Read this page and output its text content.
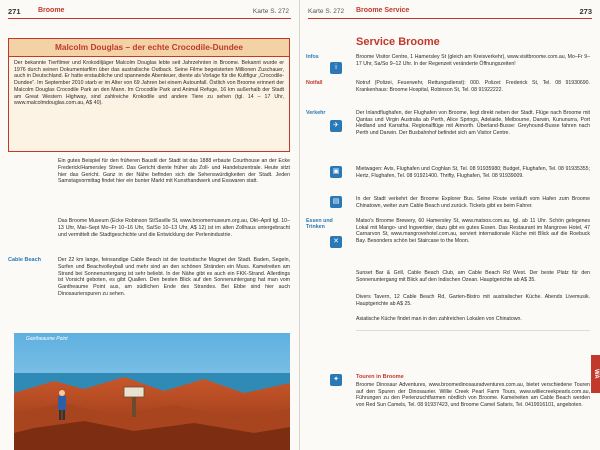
271 Broome	Karte S. 272
Malcolm Douglas – der echte Crocodile-Dundee
Der bekannte Tierfilmer und Krokodiljäger Malcolm Douglas lebte seit Jahrzehnten in Broome. Bekannt wurde er 1976 durch seinen Dokumentarfilm über das australische Outback. Seine Filme begeisterten Millionen Zuschauer, auch in Deutschland. Er hatte erstaubliche und spannende Abenteuer, diente als Vorlage für die Kultfigur „Crocodile-Dundee“. Im September 2010 starb er im Alter von 69 Jahren bei einem Autounfall. Östlich von Broome erinnert der Malcolm Douglas Crocodile Park an den Mann. Im Crocodile Park and Animal Refuge, 16 km außerhalb der Stadt am Great Western Highway, sind zahlreiche Krokodile und andere Tiere zu sehen (tgl. 14 – 17 Uhr, www.malcolmdouglas.com.au, A$ 40).
Ein gutes Beispiel für den früheren Baustil der Stadt ist das 1888 erbaute Courthouse an der Ecke Frederick/Hamersley Street. Das Gericht diente früher als Zoll- und Handelszentrale. Heute sitzt hier das Gericht. Ganz in der Nähe befinden sich die Sehenswürdigkeiten der Stadt. Jeden Samstagvormittag findet hier ein bunter Markt mit Kunsthandwerk und Esswaren statt.
Das Broome Museum (Ecke Robinson St/Saville St, www.broomemuseum.org.au, Okt–April tgl. 10–13 Uhr, Mai–Sept Mo–Fr 10–16 Uhr, Sa/So 10–13 Uhr, A$ 12) ist im alten Zollhaus untergebracht und vermittelt die Stadtgeschichte und die Entwicklung der Perlenindustrie.
Cable Beach	Der 22 km lange, feinsandige Cable Beach ist der touristische Magnet der Stadt. Baden, Segeln, Surfen und Beachvolleyball und mehr sind an den schönen Stränden ein Muss. Kamelreiten am Strand bei Sonnenuntergang ist sehr beliebt. In der Nähe gibt es auch ein FKK-Strand. Allerdings ist Vorsicht geboten, es gibt Quallen. Den besten Blick auf den Sonnenuntergang hat man vom Gantheaume Point aus, am südlichen Ende des Strandes. Bei Ebbe sind hier auch Dinosaurierspuren zu sehen.
Gantheaume Point
Karte S. 272 Broome Service	273
Service Broome
Infos
i
Broome Visitor Centre, 1 Hamersley St (gleich am Kreisverkehr), www.visitbroome.com.au, Mo–Fr 9–17 Uhr, Sa/So 9–12 Uhr. In der Regenzeit veränderte Öffnungszeiten!
Notfall	Notruf (Polizei, Feuerwehr, Rettungsdienst): 000. Polizei: Frederick St, Tel. 08 91930690. Krankenhaus: Broome Hospital, Robinson St, Tel. 08 91922222.
Verkehr
✈
Der Inlandflughafen, der Flughafen von Broome, liegt direkt neben der Stadt. Flüge nach Broome mit Qantas und Virgin Australia ab Perth, Alice Springs, Adelaide, Melbourne, Darwin, Kununurra, Port Hedland und Karratha. Regionalflüge mit Airnorth. Überland-Busse: Greyhound-Busse fahren nach Perth und Darwin. Der Busbahnhof befindet sich am Visitor Centre.
▣	Mietwagen: Avis, Flughafen und Coghlan St, Tel. 08 91935980; Budget, Flughafen, Tel. 08 91935355; Hertz, Flughafen, Tel. 08 91921400. Thrifty, Flughafen, Tel. 08 91939009.
▤	In der Stadt verkehrt der Broome Explorer Bus. Seine Route verläuft vom Hafen zum Broome Chinatown, weiter zum Cable Beach und zurück. Tickets gibt es beim Fahrer.
Essen und Trinken
✕
Matso's Broome Brewery, 60 Hamersley St, www.matsos.com.au, tgl. ab 11 Uhr. Schön gelegenes Lokal mit Mango- und Ingwerbier, dazu gibt es gutes Essen. Das Restaurant im Mangrove Hotel, 47 Carnarvon St, www.mangrovehotel.com.au, serviert internationale Küche mit Blick auf die Roebuck Bay. Besonders schön bei Staircase to the Moon.
Sunset Bar & Grill, Cable Beach Club, am Cable Beach Rd West. Der beste Platz für den Sonnenuntergang mit Blick auf den Indischen Ozean. Hauptgerichte ab A$ 35.
Divers Tavern, 12 Cable Beach Rd, Garten-Bistro mit australischer Küche. Abends Livemusik. Hauptgerichte ab A$ 25.
Asiatische Küche findet man in den zahlreichen Lokalen von Chinatown.
Touren in Broome
✦
Broome Dinosaur Adventures, www.broomedinosauradventures.com.au, bietet verschiedene Touren auf den Spuren der Dinosaurier. Willie Creek Pearl Farm Tours, www.williecreekpearls.com.au, Führungen zu den Perlenzuchtfarmen nördlich von Broome. Kamelreiten am Cable Beach werden von Red Sun Camels, Tel. 08 91937423, und Broome Camel Safaris, Tel. 0419916101, angeboten.
WA
